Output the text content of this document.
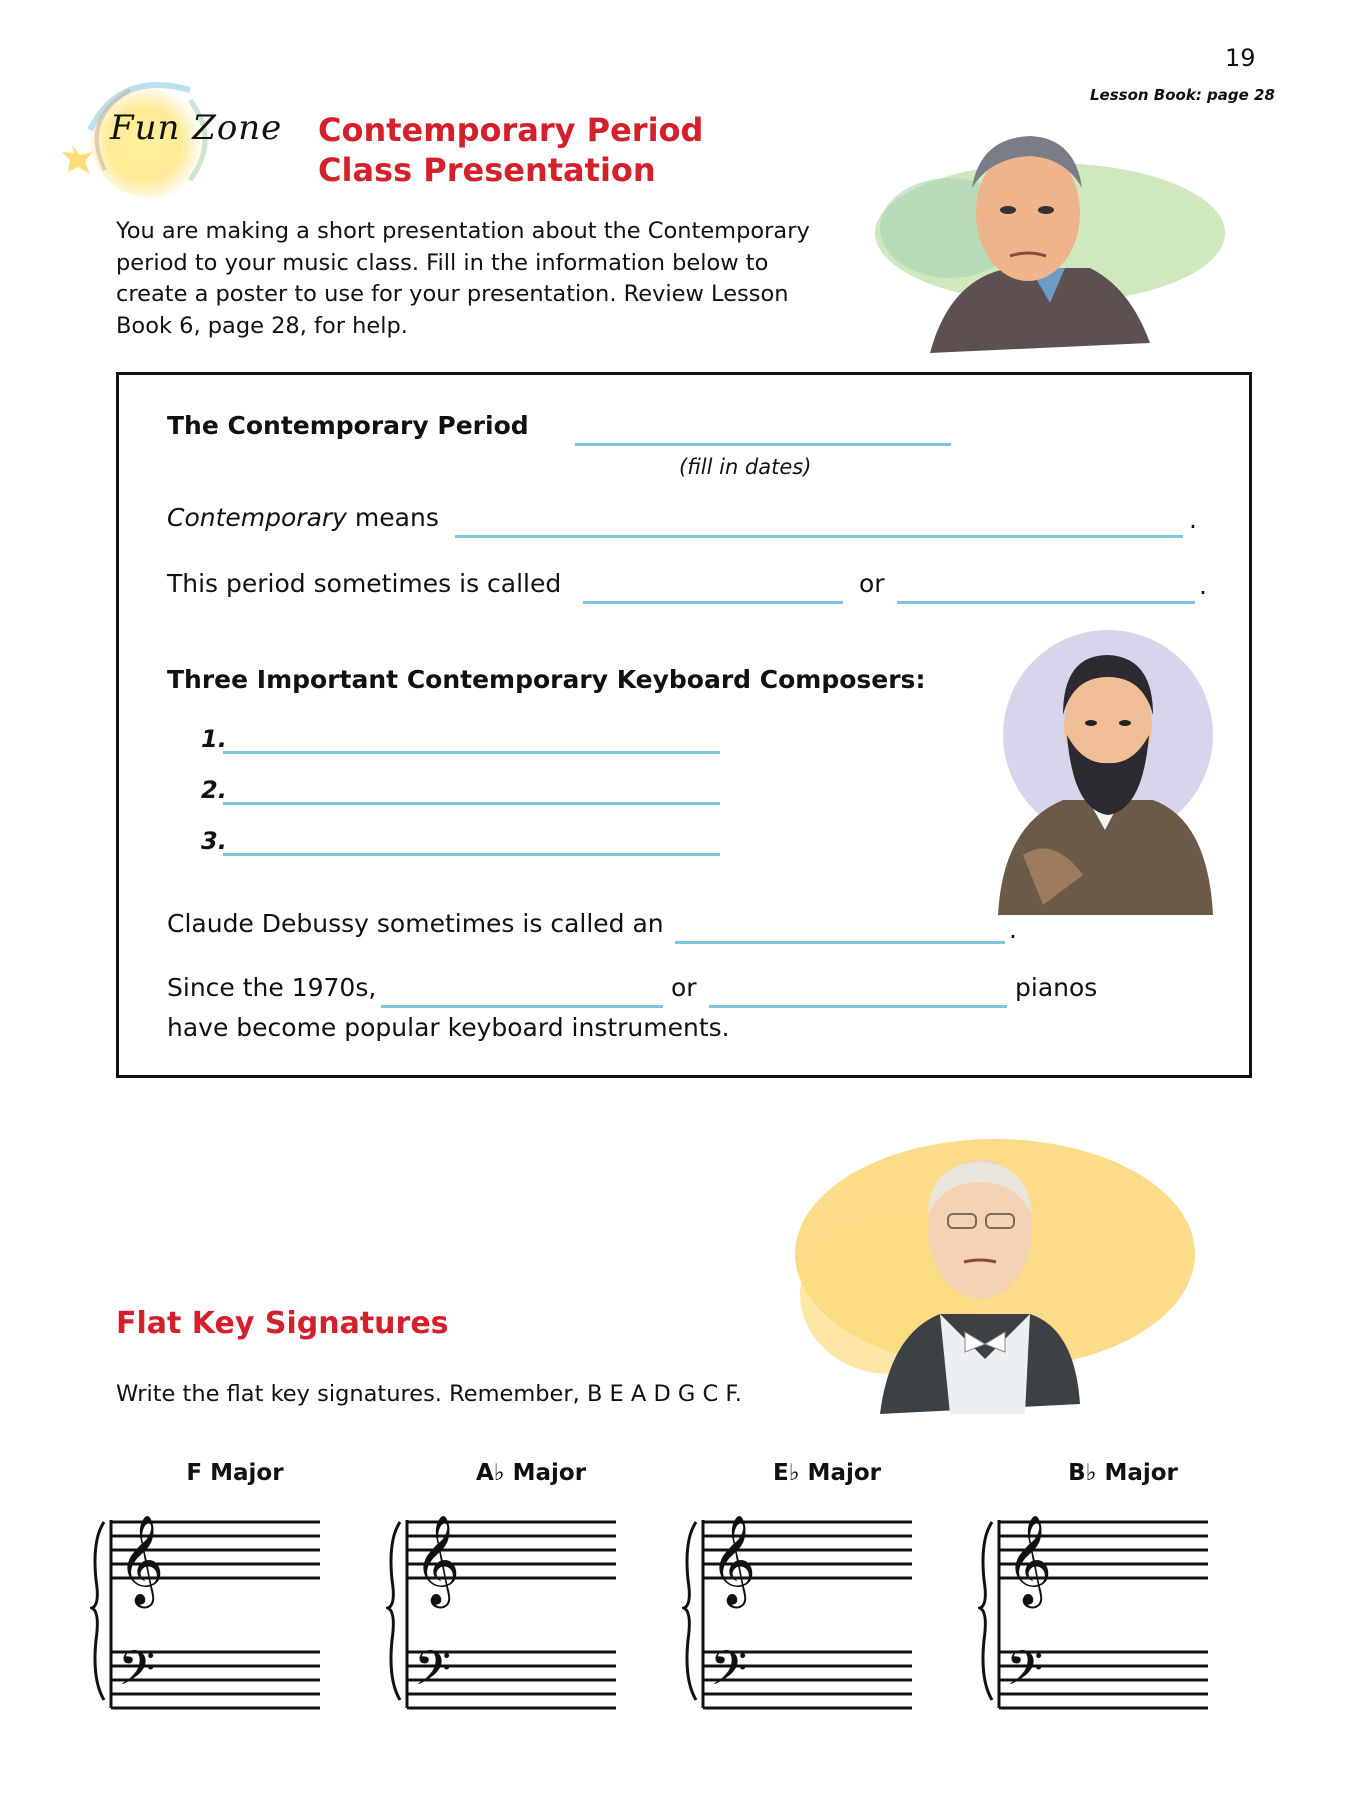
19
Lesson Book: page 28
Fun Zone Contemporary Period
Class Presentation
You are making a short presentation about the Contemporary period to your music class. Fill in the information below to create a poster to use for your presentation. Review Lesson Book 6, page 28, for help.
The Contemporary Period
(fill in dates)
Contemporary means	.
This period sometimes is called	or	.
Three Important Contemporary Keyboard Composers:
1.
2.
3.
Claude Debussy sometimes is called an	.
Since the 1970s,	or	pianos
have become popular keyboard instruments.
Flat Key Signatures
Write the flat key signatures. Remember, B E A D G C F.
F Major
𝄞
𝄢
A♭ Major
𝄞
𝄢
E♭ Major
𝄞
𝄢
B♭ Major
𝄞
𝄢
